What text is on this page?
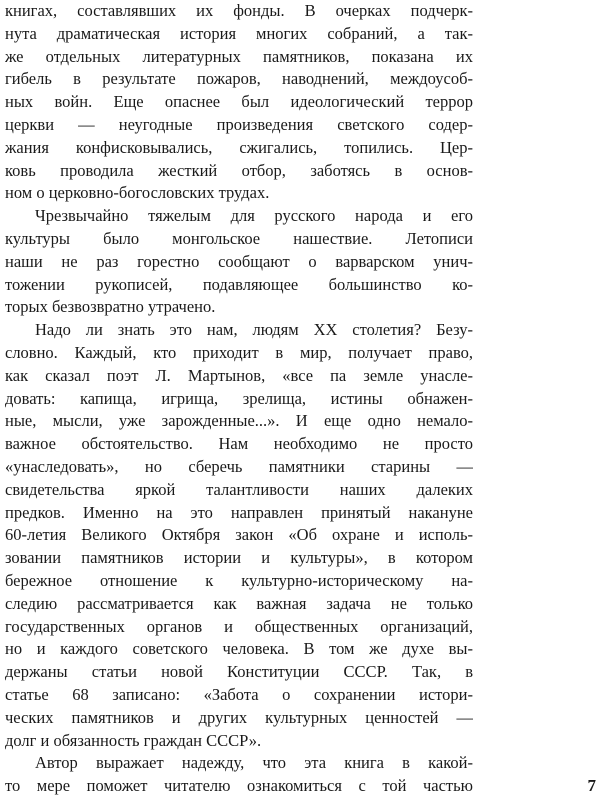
книгах, составлявших их фонды. В очерках подчерк-
нута драматическая история многих собраний, а так-
же отдельных литературных памятников, показана их
гибель в результате пожаров, наводнений, междоусоб-
ных войн. Еще опаснее был идеологический террор
церкви — неугодные произведения светского содер-
жания конфисковывались, сжигались, топились. Цер-
ковь проводила жесткий отбор, заботясь в основ-
ном о церковно-богословских трудах.
Чрезвычайно тяжелым для русского народа и его
культуры было монгольское нашествие. Летописи
наши не раз горестно сообщают о варварском унич-
тожении рукописей, подавляющее большинство ко-
торых безвозвратно утрачено.
Надо ли знать это нам, людям XX столетия? Безу-
словно. Каждый, кто приходит в мир, получает право,
как сказал поэт Л. Мартынов, «все па земле унасле-
довать: капища, игрища, зрелища, истины обнажен-
ные, мысли, уже зарожденные...». И еще одно немало-
важное обстоятельство. Нам необходимо не просто
«унаследовать», но сберечь памятники старины —
свидетельства яркой талантливости наших далеких
предков. Именно на это направлен принятый накануне
60-летия Великого Октября закон «Об охране и исполь-
зовании памятников истории и культуры», в котором
бережное отношение к культурно-историческому на-
следию рассматривается как важная задача не только
государственных органов и общественных организаций,
но и каждого советского человека. В том же духе вы-
держаны статьи новой Конституции СССР. Так, в
статье 68 записано: «Забота о сохранении истори-
ческих памятников и других культурных ценностей —
долг и обязанность граждан СССР».
Автор выражает надежду, что эта книга в какой-
то мере поможет читателю ознакомиться с той частью	7
